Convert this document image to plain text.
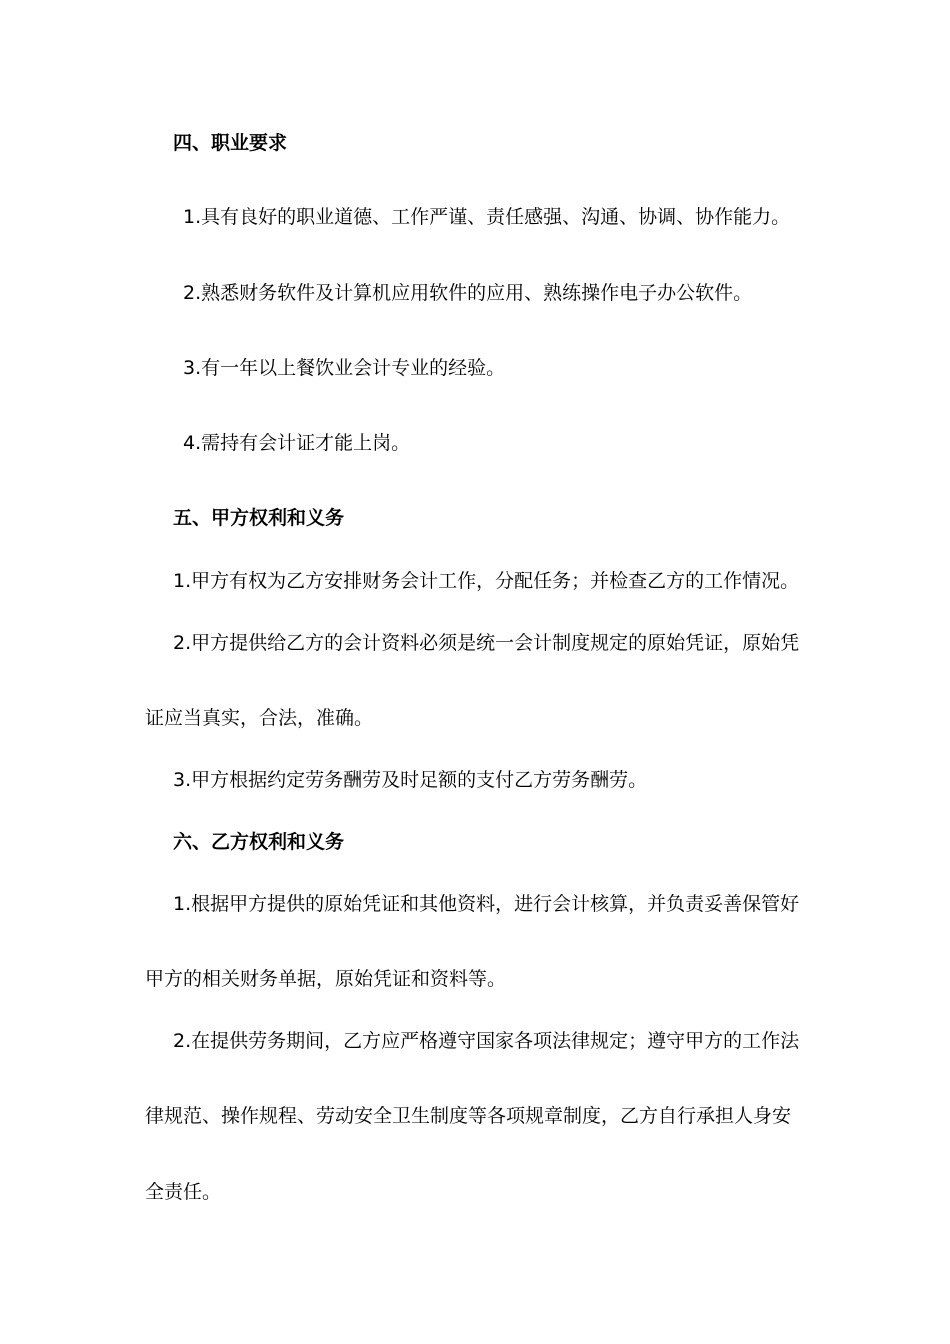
四、职业要求
1.具有良好的职业道德、工作严谨、责任感强、沟通、协调、协作能力。
2.熟悉财务软件及计算机应用软件的应用、熟练操作电子办公软件。
3.有一年以上餐饮业会计专业的经验。
4.需持有会计证才能上岗。
五、甲方权利和义务
1.甲方有权为乙方安排财务会计工作，分配任务；并检查乙方的工作情况。
2.甲方提供给乙方的会计资料必须是统一会计制度规定的原始凭证，原始凭
证应当真实，合法，准确。
3.甲方根据约定劳务酬劳及时足额的支付乙方劳务酬劳。
六、乙方权利和义务
1.根据甲方提供的原始凭证和其他资料，进行会计核算，并负责妥善保管好
甲方的相关财务单据，原始凭证和资料等。
2.在提供劳务期间，乙方应严格遵守国家各项法律规定；遵守甲方的工作法
律规范、操作规程、劳动安全卫生制度等各项规章制度，乙方自行承担人身安
全责任。
